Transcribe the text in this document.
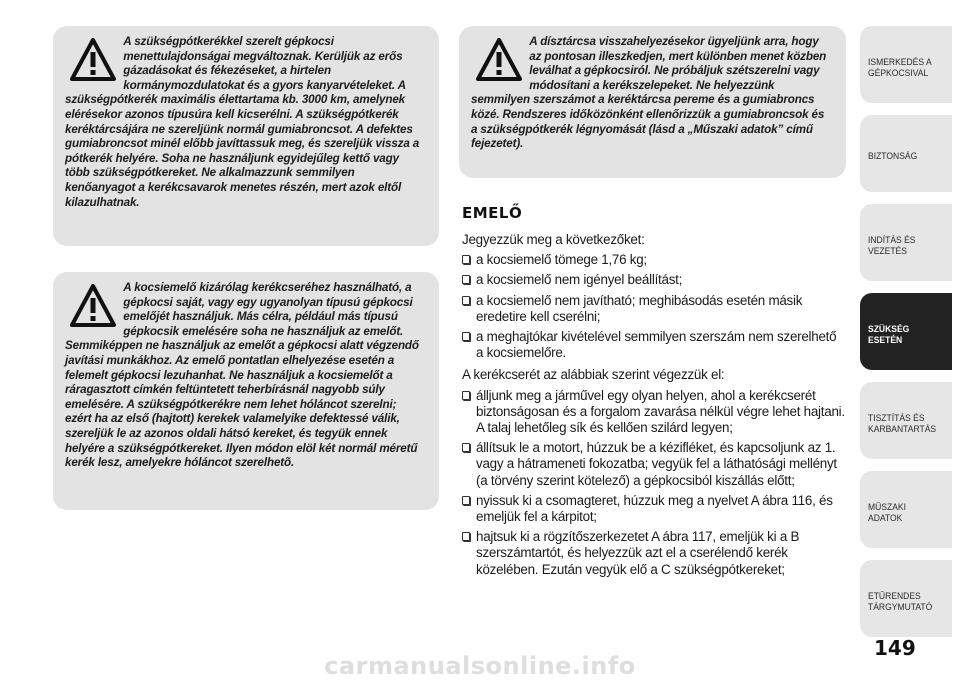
A szükségpótkerékkel szerelt gépkocsi menettulajdonságai megváltoznak. Kerüljük az erős gázadásokat és fékezéseket, a hirtelen kormánymozdulatokat és a gyors kanyarvételeket. A szükségpótkerék maximális élettartama kb. 3000 km, amelynek elérésekor azonos típusúra kell kicserélni. A szükségpótkerék keréktárcsájára ne szereljünk normál gumiabroncsot. A defektes gumiabroncsot minél előbb javíttassuk meg, és szereljük vissza a pótkerék helyére. Soha ne használjunk egyidejűleg kettő vagy több szükségpótkereket. Ne alkalmazzunk semmilyen kenőanyagot a kerékcsavarok menetes részén, mert azok eltől kilazulhatnak.

A kocsiemelő kizárólag kerékcseréhez használható, a gépkocsi saját, vagy egy ugyanolyan típusú gépkocsi emelőjét használjuk. Más célra, például más típusú gépkocsik emelésére soha ne használjuk az emelőt. Semmiképpen ne használjuk az emelőt a gépkocsi alatt végzendő javítási munkákhoz. Az emelő pontatlan elhelyezése esetén a felemelt gépkocsi lezuhanhat. Ne használjuk a kocsiemelőt a ráragasztott címkén feltüntetett teherbírásnál nagyobb súly emelésére. A szükségpótkerékre nem lehet hóláncot szerelni; ezért ha az első (hajtott) kerekek valamelyike defektessé válik, szereljük le az azonos oldali hátsó kereket, és tegyük ennek helyére a szükségpótkereket. Ilyen módon elöl két normál méretű kerék lesz, amelyekre hóláncot szerelhetõ.

A dísztárcsa visszahelyezésekor ügyeljünk arra, hogy az pontosan illeszkedjen, mert különben menet közben leválhat a gépkocsiról. Ne próbáljuk szétszerelni vagy módosítani a kerékszelepeket. Ne helyezzünk semmilyen szerszámot a keréktárcsa pereme és a gumiabroncs közé. Rendszeres időközönként ellenőrizzük a gumiabroncsok és a szükségpótkerék légnyomását (lásd a „Műszaki adatok” című fejezetet).

EMELŐ
Jegyezzük meg a következőket:
a kocsiemelő tömege 1,76 kg;
a kocsiemelő nem igényel beállítást;
a kocsiemelő nem javítható; meghibásodás esetén másik eredetire kell cserélni;
a meghajtókar kivételével semmilyen szerszám nem szerelhető a kocsiemelőre.
A kerékcserét az alábbiak szerint végezzük el:
álljunk meg a járművel egy olyan helyen, ahol a kerékcserét biztonságosan és a forgalom zavarása nélkül végre lehet hajtani. A talaj lehetőleg sík és kellően szilárd legyen;
állítsuk le a motort, húzzuk be a kézifléket, és kapcsoljunk az 1. vagy a hátrameneti fokozatba; vegyük fel a láthatósági mellényt (a törvény szerint kötelező) a gépkocsiból kiszállás előtt;
nyissuk ki a csomagteret, húzzuk meg a nyelvet A ábra 116, és emeljük fel a kárpitot;
hajtsuk ki a rögzítőszerkezetet A ábra 117, emeljük ki a B szerszámtartót, és helyezzük azt el a cserélendő kerék közelében. Ezután vegyük elő a C szükségpótkereket;
ISMERKEDÉS A GÉPKOCSIVAL
BIZTONSÁG
INDÍTÁS ÉS VEZETÉS
SZÜKSÉG ESETÉN
TISZTÍTÁS ÉS KARBANTARTÁS
MŰSZAKI ADATOK
ETŰRENDES TÁRGYMUTATÓ
149
carmanualsonline.info
